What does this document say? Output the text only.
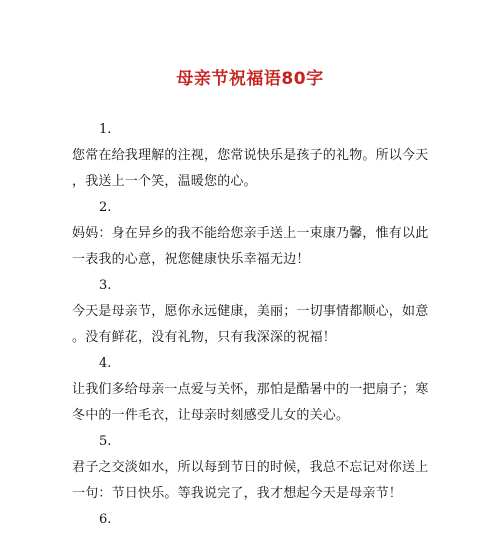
母亲节祝福语80字
1.
您常在给我理解的注视，您常说快乐是孩子的礼物。所以今天
，我送上一个笑，温暖您的心。
2.
妈妈：身在异乡的我不能给您亲手送上一束康乃馨，惟有以此
一表我的心意，祝您健康快乐幸福无边！
3.
今天是母亲节，愿你永远健康，美丽；一切事情都顺心，如意
。没有鲜花，没有礼物，只有我深深的祝福！
4.
让我们多给母亲一点爱与关怀，那怕是酷暑中的一把扇子；寒
冬中的一件毛衣，让母亲时刻感受儿女的关心。
5.
君子之交淡如水，所以每到节日的时候，我总不忘记对你送上
一句：节日快乐。等我说完了，我才想起今天是母亲节！
6.
